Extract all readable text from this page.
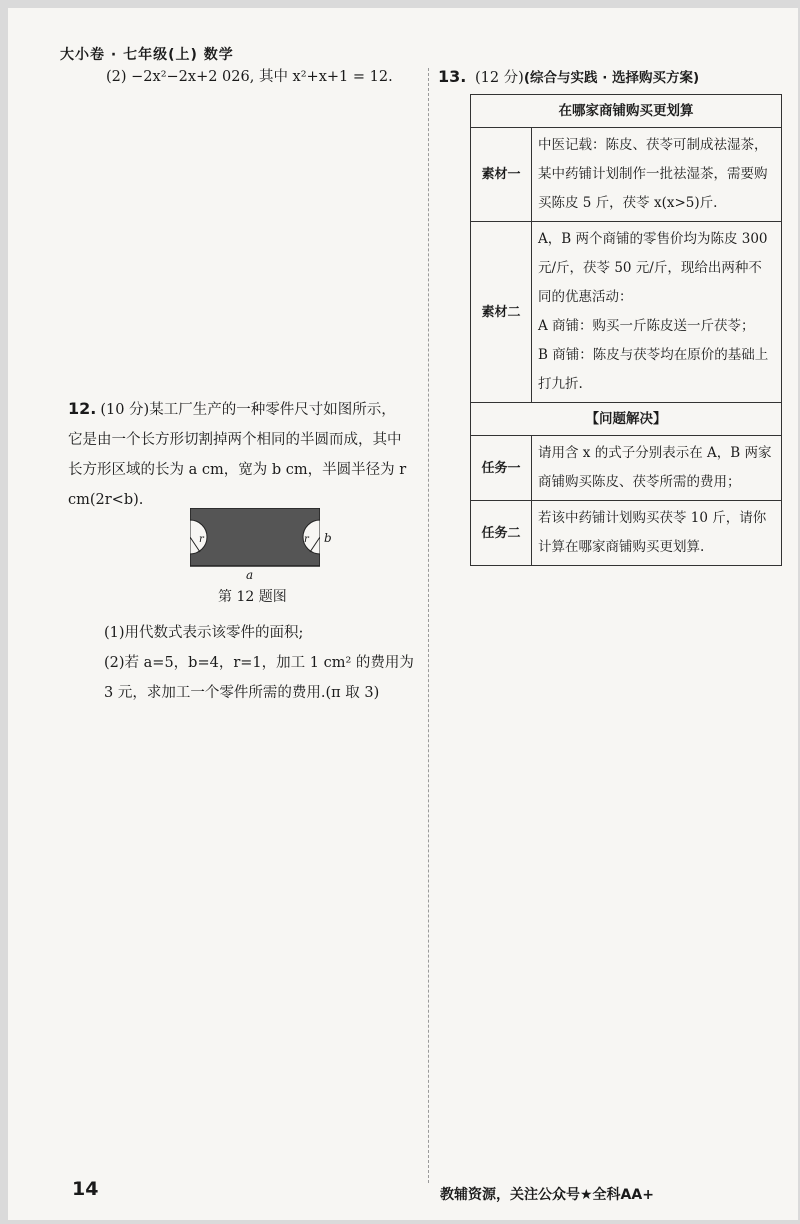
大小卷 · 七年级(上) 数学
(2) −2x²−2x+2 026, 其中 x²+x+1 = 12.
12. (10 分)某工厂生产的一种零件尺寸如图所示，它是由一个长方形切割掉两个相同的半圆而成，其中长方形区域的长为 a cm，宽为 b cm，半圆半径为 r cm(2r<b).
r	r
a
b
第 12 题图
(1)用代数式表示该零件的面积;
(2)若 a=5，b=4，r=1，加工 1 cm² 的费用为 3 元，求加工一个零件所需的费用.(π 取 3)
13. (12 分)(综合与实践 · 选择购买方案)
在哪家商铺购买更划算	
素材一	中医记载：陈皮、茯苓可制成祛湿茶，某中药铺计划制作一批祛湿茶，需要购买陈皮 5 斤，茯苓 x(x>5)斤.
素材二	A，B 两个商铺的零售价均为陈皮 300 元/斤，茯苓 50 元/斤，现给出两种不同的优惠活动：
A 商铺：购买一斤陈皮送一斤茯苓；
B 商铺：陈皮与茯苓均在原价的基础上打九折.
【问题解决】	
任务一	请用含 x 的式子分别表示在 A，B 两家商铺购买陈皮、茯苓所需的费用；
任务二	若该中药铺计划购买茯苓 10 斤，请你计算在哪家商铺购买更划算.
14	教辅资源，关注公众号★全科AA+
